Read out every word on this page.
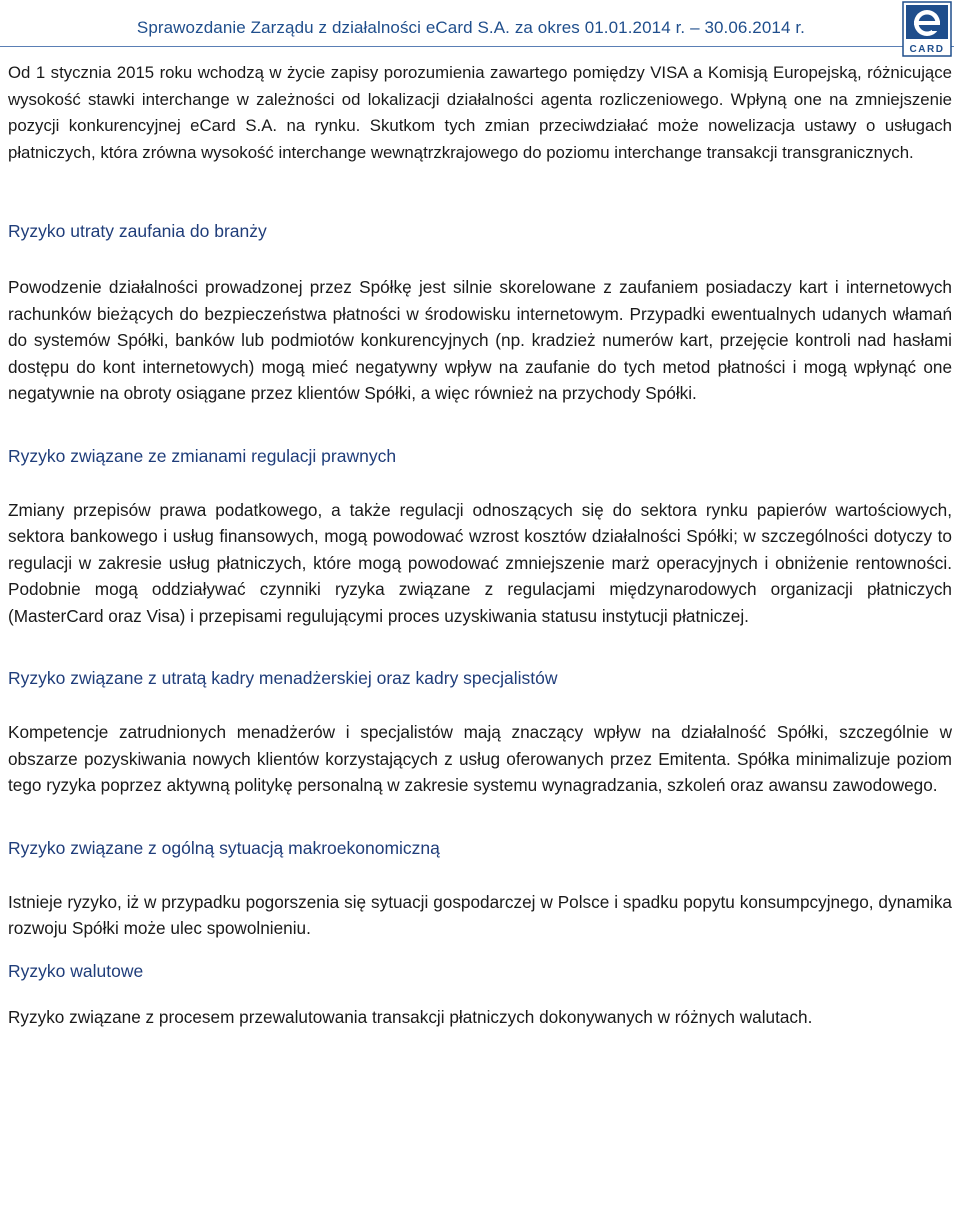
Sprawozdanie Zarządu z działalności eCard S.A. za okres 01.01.2014 r. – 30.06.2014 r.
CARD

Od 1 stycznia 2015 roku wchodzą w życie zapisy porozumienia zawartego pomiędzy VISA a Komisją Europejską, różnicujące wysokość stawki interchange w zależności od lokalizacji działalności agenta rozliczeniowego. Wpłyną one na zmniejszenie pozycji konkurencyjnej eCard S.A. na rynku. Skutkom tych zmian przeciwdziałać może nowelizacja ustawy o usługach płatniczych, która zrówna wysokość interchange wewnątrzkrajowego do poziomu interchange transakcji transgranicznych.

Ryzyko utraty zaufania do branży

Powodzenie działalności prowadzonej przez Spółkę jest silnie skorelowane z zaufaniem posiadaczy kart i internetowych rachunków bieżących do bezpieczeństwa płatności w środowisku internetowym. Przypadki ewentualnych udanych włamań do systemów Spółki, banków lub podmiotów konkurencyjnych (np. kradzież numerów kart, przejęcie kontroli nad hasłami dostępu do kont internetowych) mogą mieć negatywny wpływ na zaufanie do tych metod płatności i mogą wpłynąć one negatywnie na obroty osiągane przez klientów Spółki, a więc również na przychody Spółki.

Ryzyko związane ze zmianami regulacji prawnych

Zmiany przepisów prawa podatkowego, a także regulacji odnoszących się do sektora rynku papierów wartościowych, sektora bankowego i usług finansowych, mogą powodować wzrost kosztów działalności Spółki; w szczególności dotyczy to regulacji w zakresie usług płatniczych, które mogą powodować zmniejszenie marż operacyjnych i obniżenie rentowności. Podobnie mogą oddziaływać czynniki ryzyka związane z regulacjami międzynarodowych organizacji płatniczych (MasterCard oraz Visa) i przepisami regulującymi proces uzyskiwania statusu instytucji płatniczej.

Ryzyko związane z utratą kadry menadżerskiej oraz kadry specjalistów

Kompetencje zatrudnionych menadżerów i specjalistów mają znaczący wpływ na działalność Spółki, szczególnie w obszarze pozyskiwania nowych klientów korzystających z usług oferowanych przez Emitenta. Spółka minimalizuje poziom tego ryzyka poprzez aktywną politykę personalną w zakresie systemu wynagradzania, szkoleń oraz awansu zawodowego.

Ryzyko związane z ogólną sytuacją makroekonomiczną

Istnieje ryzyko, iż w przypadku pogorszenia się sytuacji gospodarczej w Polsce i spadku popytu konsumpcyjnego, dynamika rozwoju Spółki może ulec spowolnieniu.

Ryzyko walutowe

Ryzyko związane z procesem przewalutowania transakcji płatniczych dokonywanych w różnych walutach.
